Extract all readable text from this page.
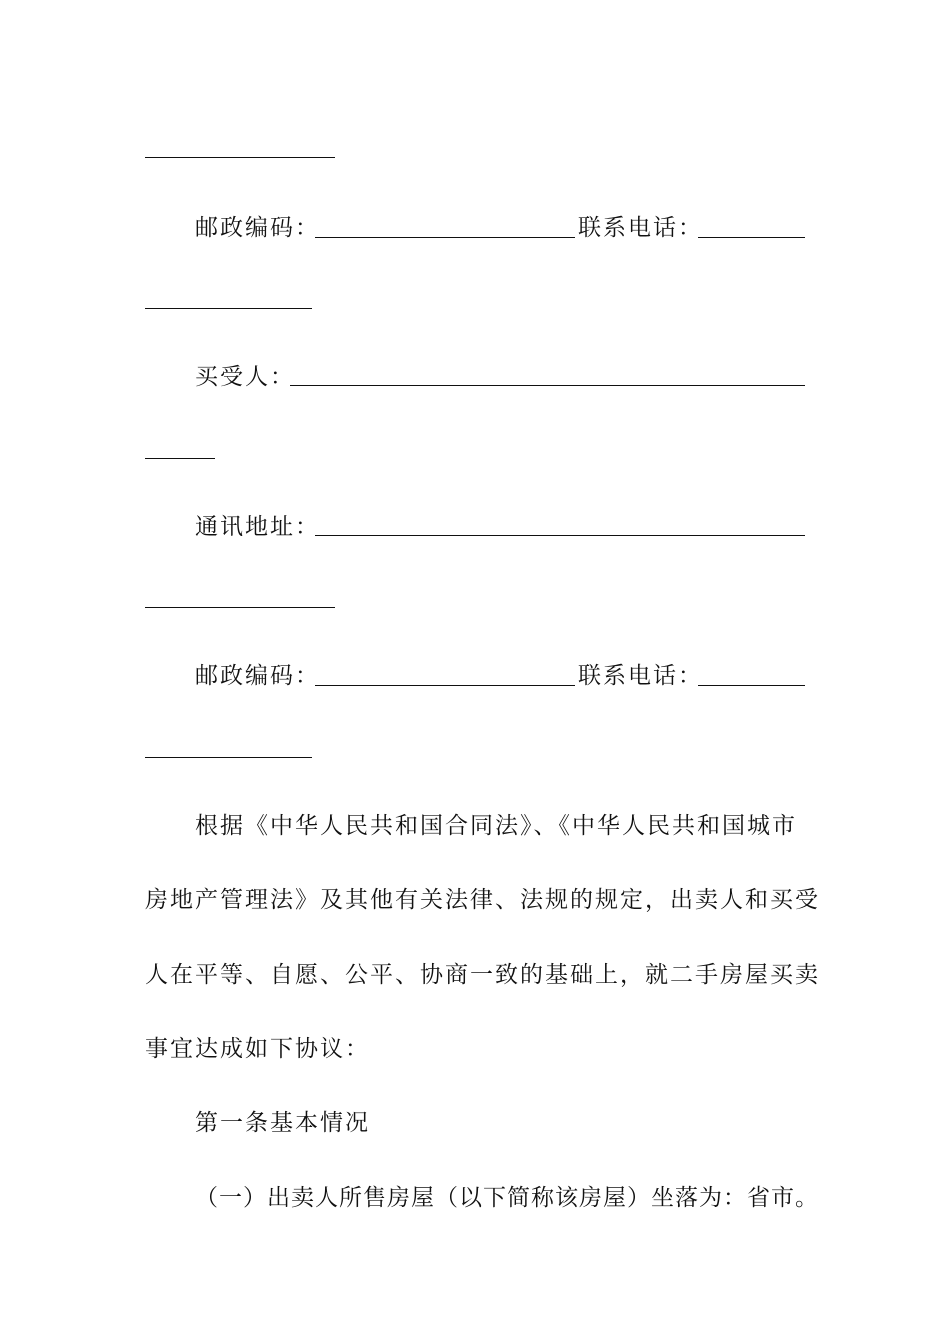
邮政编码：	联系电话：
买受人：
通讯地址：
邮政编码：	联系电话：
根据《中华人民共和国合同法》、《中华人民共和国城市
房地产管理法》及其他有关法律、法规的规定，出卖人和买受
人在平等、自愿、公平、协商一致的基础上，就二手房屋买卖
事宜达成如下协议：
第一条基本情况
（一）出卖人所售房屋（以下简称该房屋）坐落为：省市。
